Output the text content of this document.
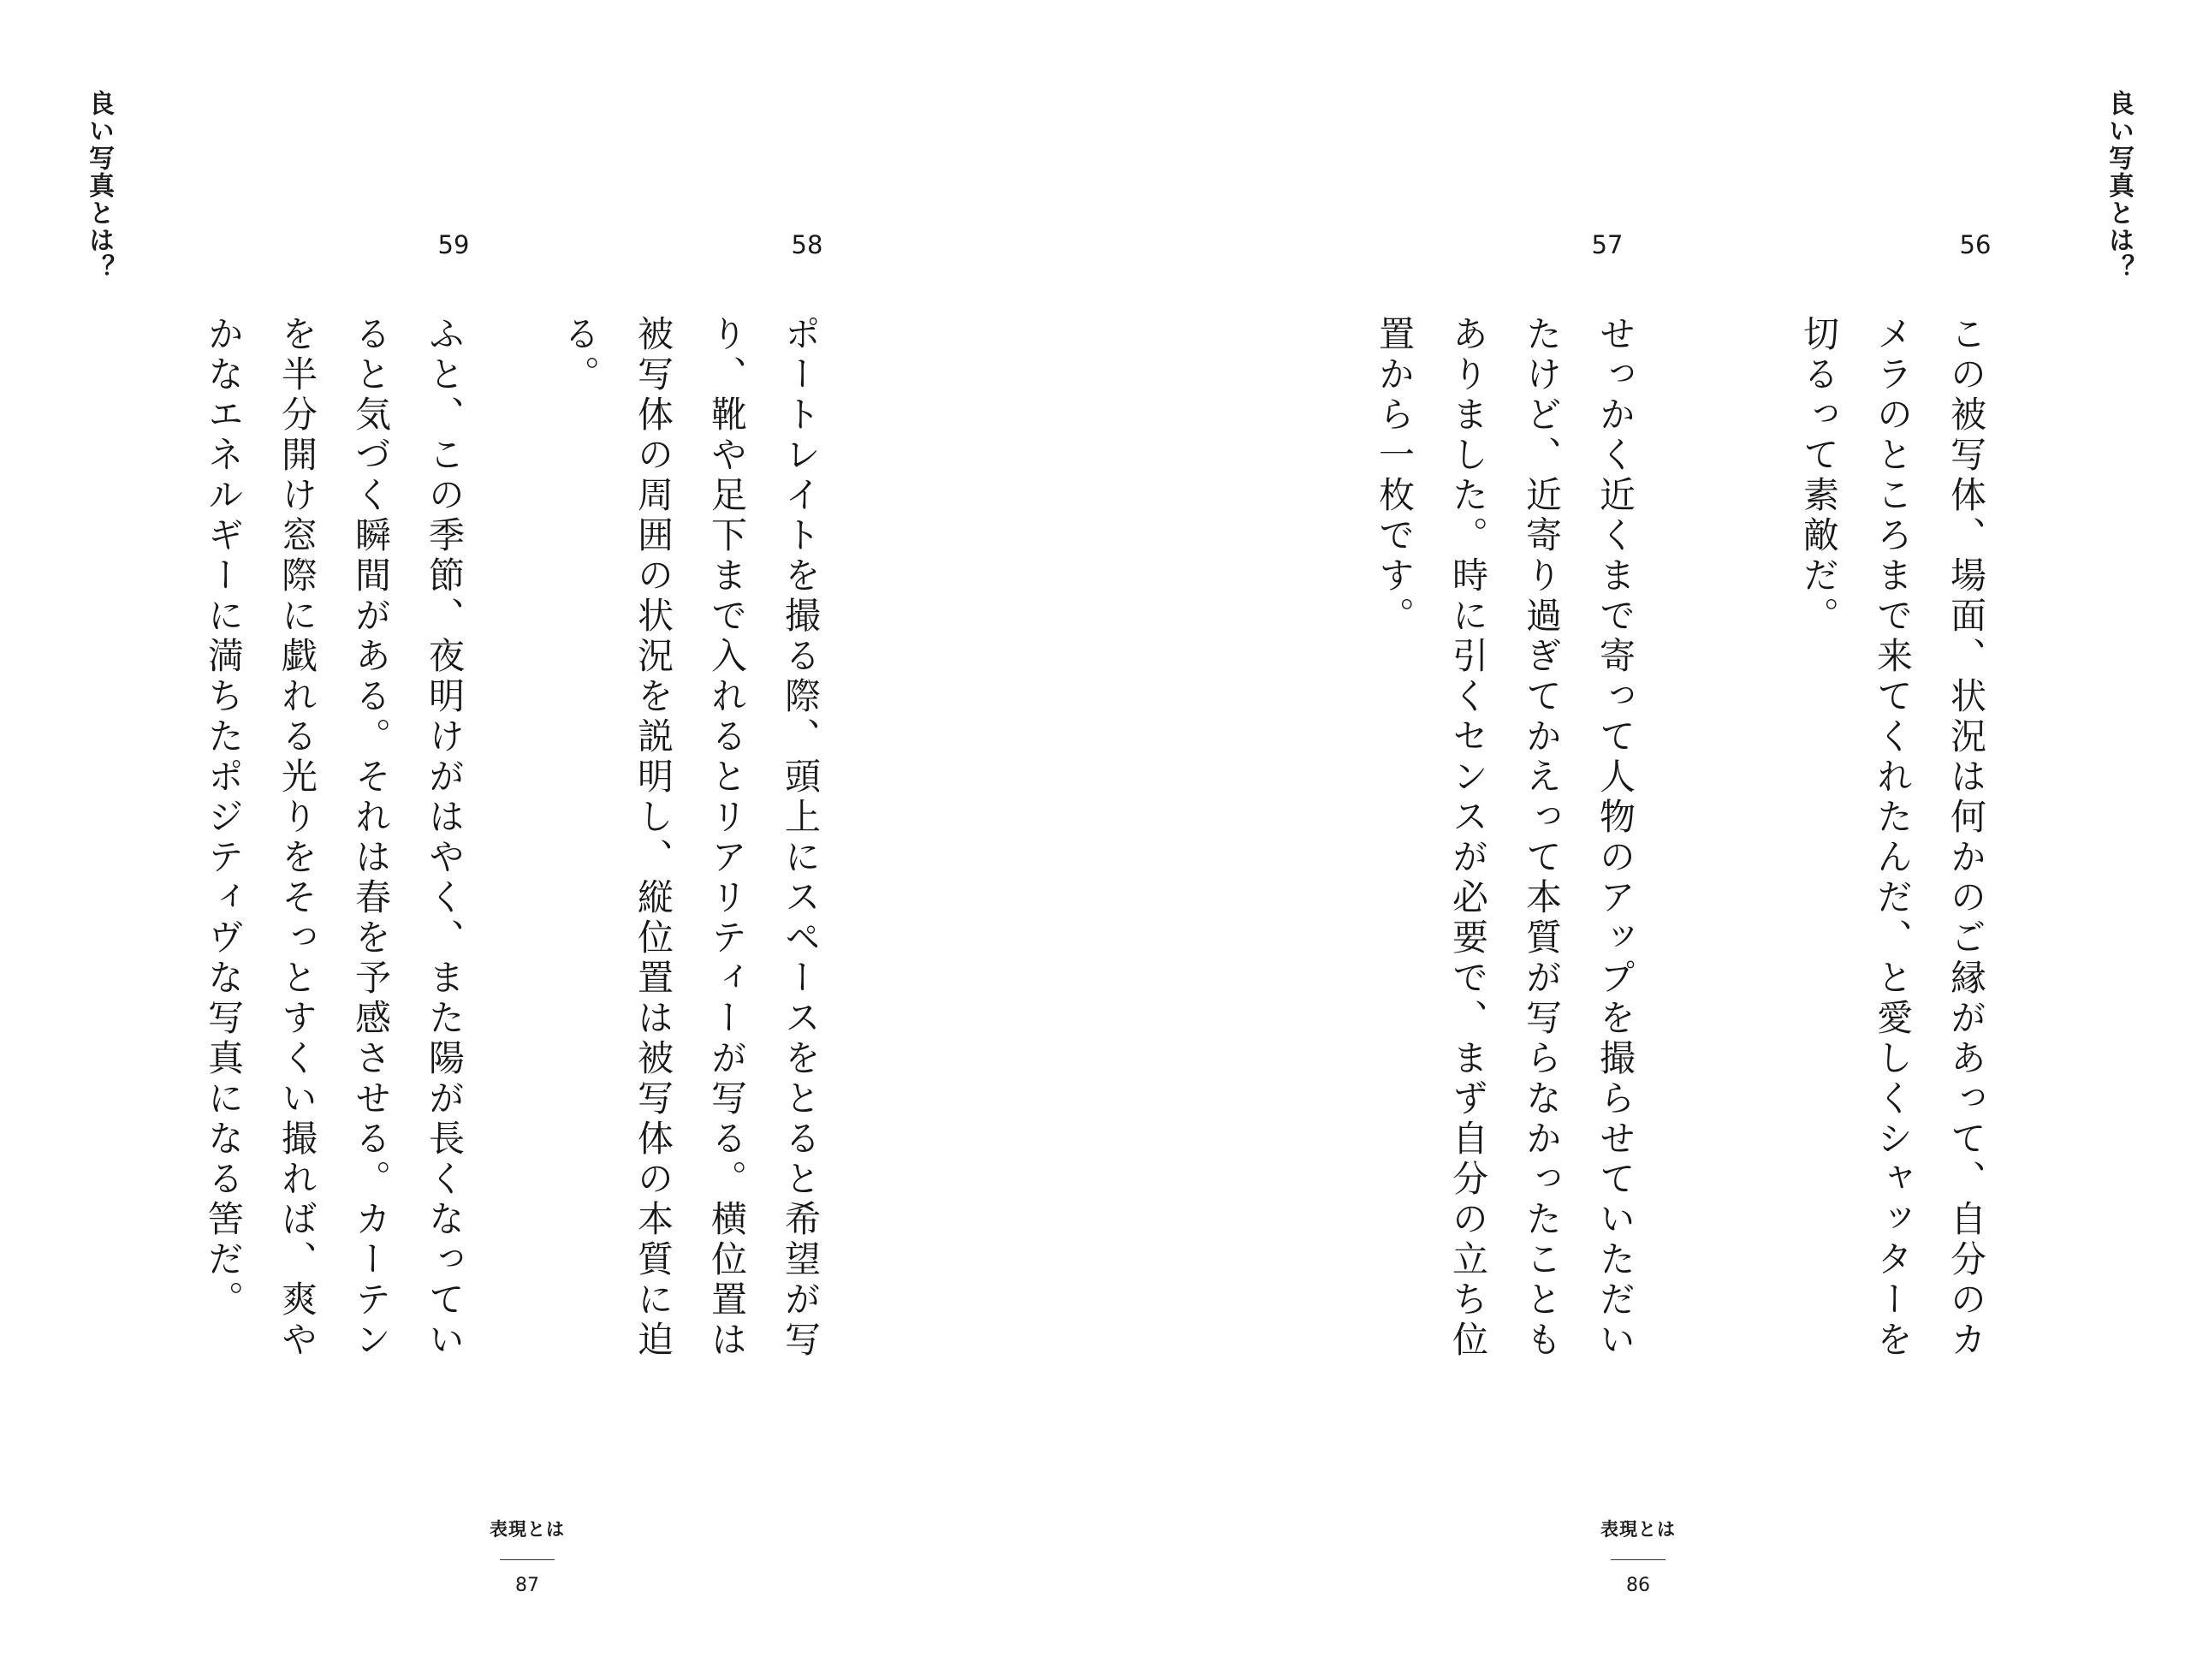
良い写真とは？	59
ふと、この季節、夜明けがはやく、また陽が長くなっていると気づく瞬間がある。それは春を予感させる。カーテンを半分開け窓際に戯れる光りをそっとすくい撮れば、爽やかなエネルギーに満ちたポジティヴな写真になる筈だ。
58
ポートレイトを撮る際、頭上にスペースをとると希望が写り、靴や足下まで入れるとリアリティーが写る。横位置は被写体の周囲の状況を説明し、縦位置は被写体の本質に迫る。
表現とは
87
良い写真とは？
57
せっかく近くまで寄って人物のアップを撮らせていただいたけど、近寄り過ぎてかえって本質が写らなかったこともありました。時に引くセンスが必要で、まず自分の立ち位置から一枚です。
56
この被写体、場面、状況は何かのご縁があって、自分のカメラのところまで来てくれたんだ、と愛しくシャッターを切るって素敵だ。
表現とは
86
